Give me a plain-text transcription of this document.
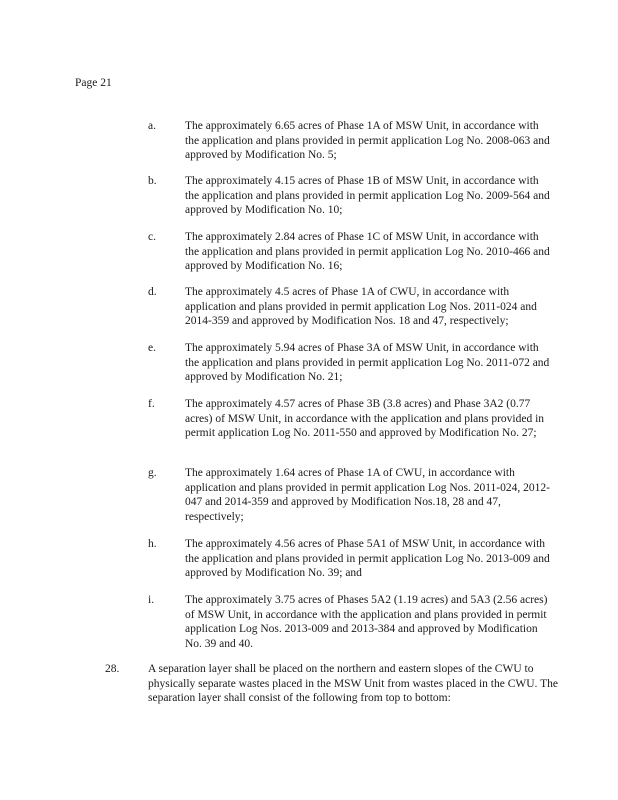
Page 21
a.	The approximately 6.65 acres of Phase 1A of MSW Unit, in accordance with the application and plans provided in permit application Log No. 2008-063 and approved by Modification No. 5;

b. The approximately 4.15 acres of Phase 1B of MSW Unit, in accordance with the application and plans provided in permit application Log No. 2009-564 and approved by Modification No. 10;

c.	The approximately 2.84 acres of Phase 1C of MSW Unit, in accordance with the application and plans provided in permit application Log No. 2010-466 and approved by Modification No. 16;

d. The approximately 4.5 acres of Phase 1A of CWU, in accordance with application and plans provided in permit application Log Nos. 2011-024 and 2014-359 and approved by Modification Nos. 18 and 47, respectively;

e.	The approximately 5.94 acres of Phase 3A of MSW Unit, in accordance with the application and plans provided in permit application Log No. 2011-072 and approved by Modification No. 21;

f.	The approximately 4.57 acres of Phase 3B (3.8 acres) and Phase 3A2 (0.77 acres) of MSW Unit, in accordance with the application and plans provided in permit application Log No. 2011-550 and approved by Modification No. 27;

g. The approximately 1.64 acres of Phase 1A of CWU, in accordance with application and plans provided in permit application Log Nos. 2011-024, 2012-047 and 2014-359 and approved by Modification Nos.18, 28 and 47, respectively;

h. The approximately 4.56 acres of Phase 5A1 of MSW Unit, in accordance with the application and plans provided in permit application Log No. 2013-009 and approved by Modification No. 39; and

i.	The approximately 3.75 acres of Phases 5A2 (1.19 acres) and 5A3 (2.56 acres) of MSW Unit, in accordance with the application and plans provided in permit application Log Nos. 2013-009 and 2013-384 and approved by Modification No. 39 and 40.

28. A separation layer shall be placed on the northern and eastern slopes of the CWU to physically separate wastes placed in the MSW Unit from wastes placed in the CWU. The separation layer shall consist of the following from top to bottom:
